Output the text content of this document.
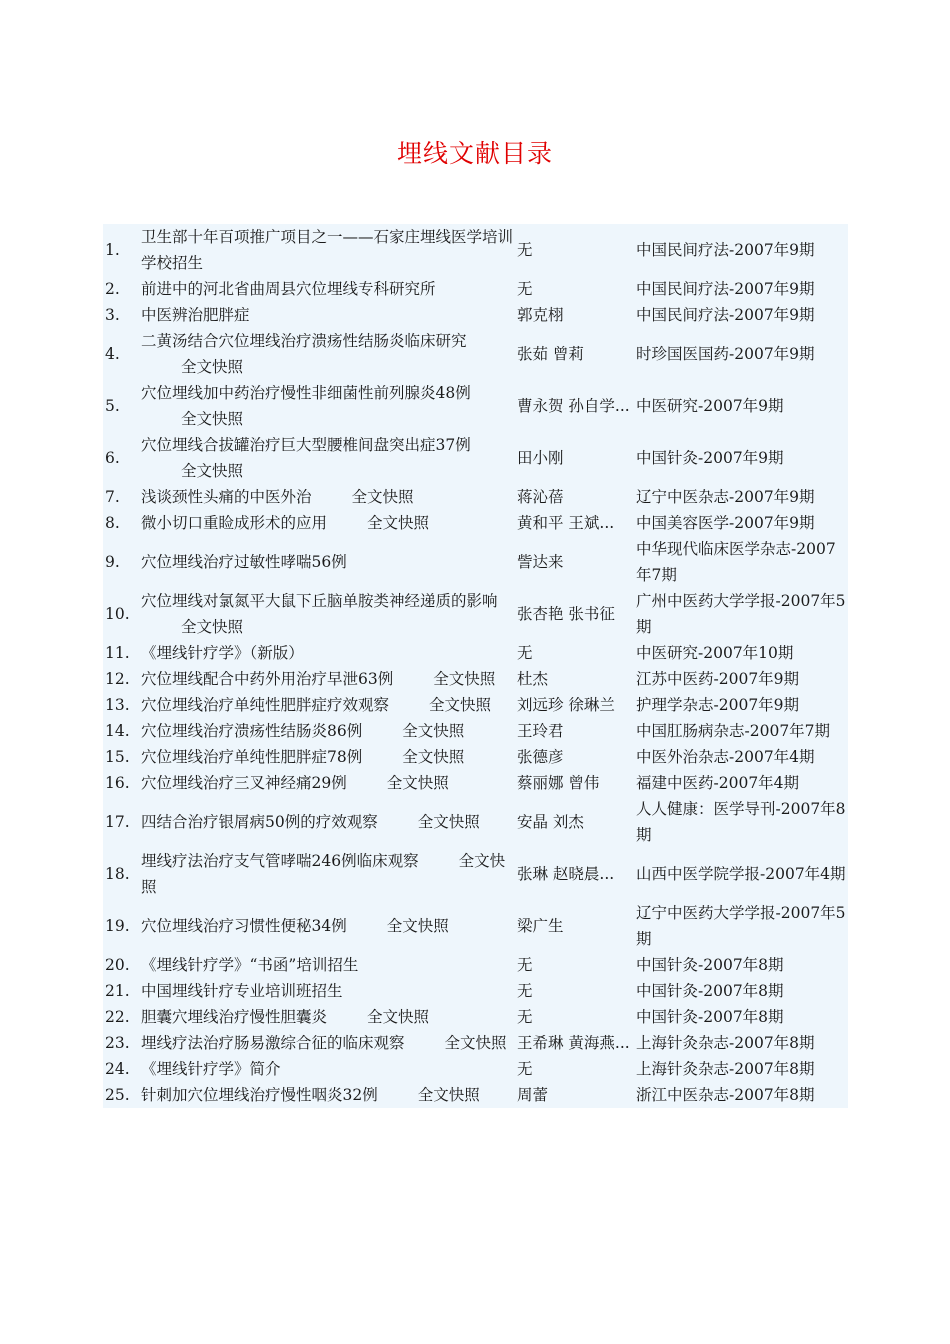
埋线文献目录
1.	卫生部十年百项推广项目之一——石家庄埋线医学培训学校招生	无	中国民间疗法-2007年9期
2.	前进中的河北省曲周县穴位埋线专科研究所	无	中国民间疗法-2007年9期
3.	中医辨治肥胖症	郭克栩	中国民间疗法-2007年9期
4.	二黄汤结合穴位埋线治疗溃疡性结肠炎临床研究全文快照	张茹 曾莉	时珍国医国药-2007年9期
5.	穴位埋线加中药治疗慢性非细菌性前列腺炎48例全文快照	曹永贺 孙自学...	中医研究-2007年9期
6.	穴位埋线合拔罐治疗巨大型腰椎间盘突出症37例全文快照	田小刚	中国针灸-2007年9期
7.	浅谈颈性头痛的中医外治 全文快照	蒋沁蓓	辽宁中医杂志-2007年9期
8.	微小切口重睑成形术的应用 全文快照	黄和平 王斌...	中国美容医学-2007年9期
9.	穴位埋线治疗过敏性哮喘56例	訾达来	中华现代临床医学杂志-2007年7期
10.	穴位埋线对氯氮平大鼠下丘脑单胺类神经递质的影响全文快照	张杏艳 张书征	广州中医药大学学报-2007年5期
11.	《埋线针疗学》（新版）	无	中医研究-2007年10期
12.	穴位埋线配合中药外用治疗早泄63例 全文快照	杜杰	江苏中医药-2007年9期
13.	穴位埋线治疗单纯性肥胖症疗效观察 全文快照	刘远珍 徐琳兰	护理学杂志-2007年9期
14.	穴位埋线治疗溃疡性结肠炎86例 全文快照	王玲君	中国肛肠病杂志-2007年7期
15.	穴位埋线治疗单纯性肥胖症78例 全文快照	张德彦	中医外治杂志-2007年4期
16.	穴位埋线治疗三叉神经痛29例 全文快照	蔡丽娜 曾伟	福建中医药-2007年4期
17.	四结合治疗银屑病50例的疗效观察 全文快照	安晶 刘杰	人人健康：医学导刊-2007年8期
18.	埋线疗法治疗支气管哮喘246例临床观察 全文快照	张琳 赵晓晨...	山西中医学院学报-2007年4期
19.	穴位埋线治疗习惯性便秘34例 全文快照	梁广生	辽宁中医药大学学报-2007年5期
20.	《埋线针疗学》“书函”培训招生	无	中国针灸-2007年8期
21.	中国埋线针疗专业培训班招生	无	中国针灸-2007年8期
22.	胆囊穴埋线治疗慢性胆囊炎 全文快照	无	中国针灸-2007年8期
23.	埋线疗法治疗肠易激综合征的临床观察 全文快照	王希琳 黄海燕...	上海针灸杂志-2007年8期
24.	《埋线针疗学》简介	无	上海针灸杂志-2007年8期
25.	针刺加穴位埋线治疗慢性咽炎32例 全文快照	周蕾	浙江中医杂志-2007年8期
